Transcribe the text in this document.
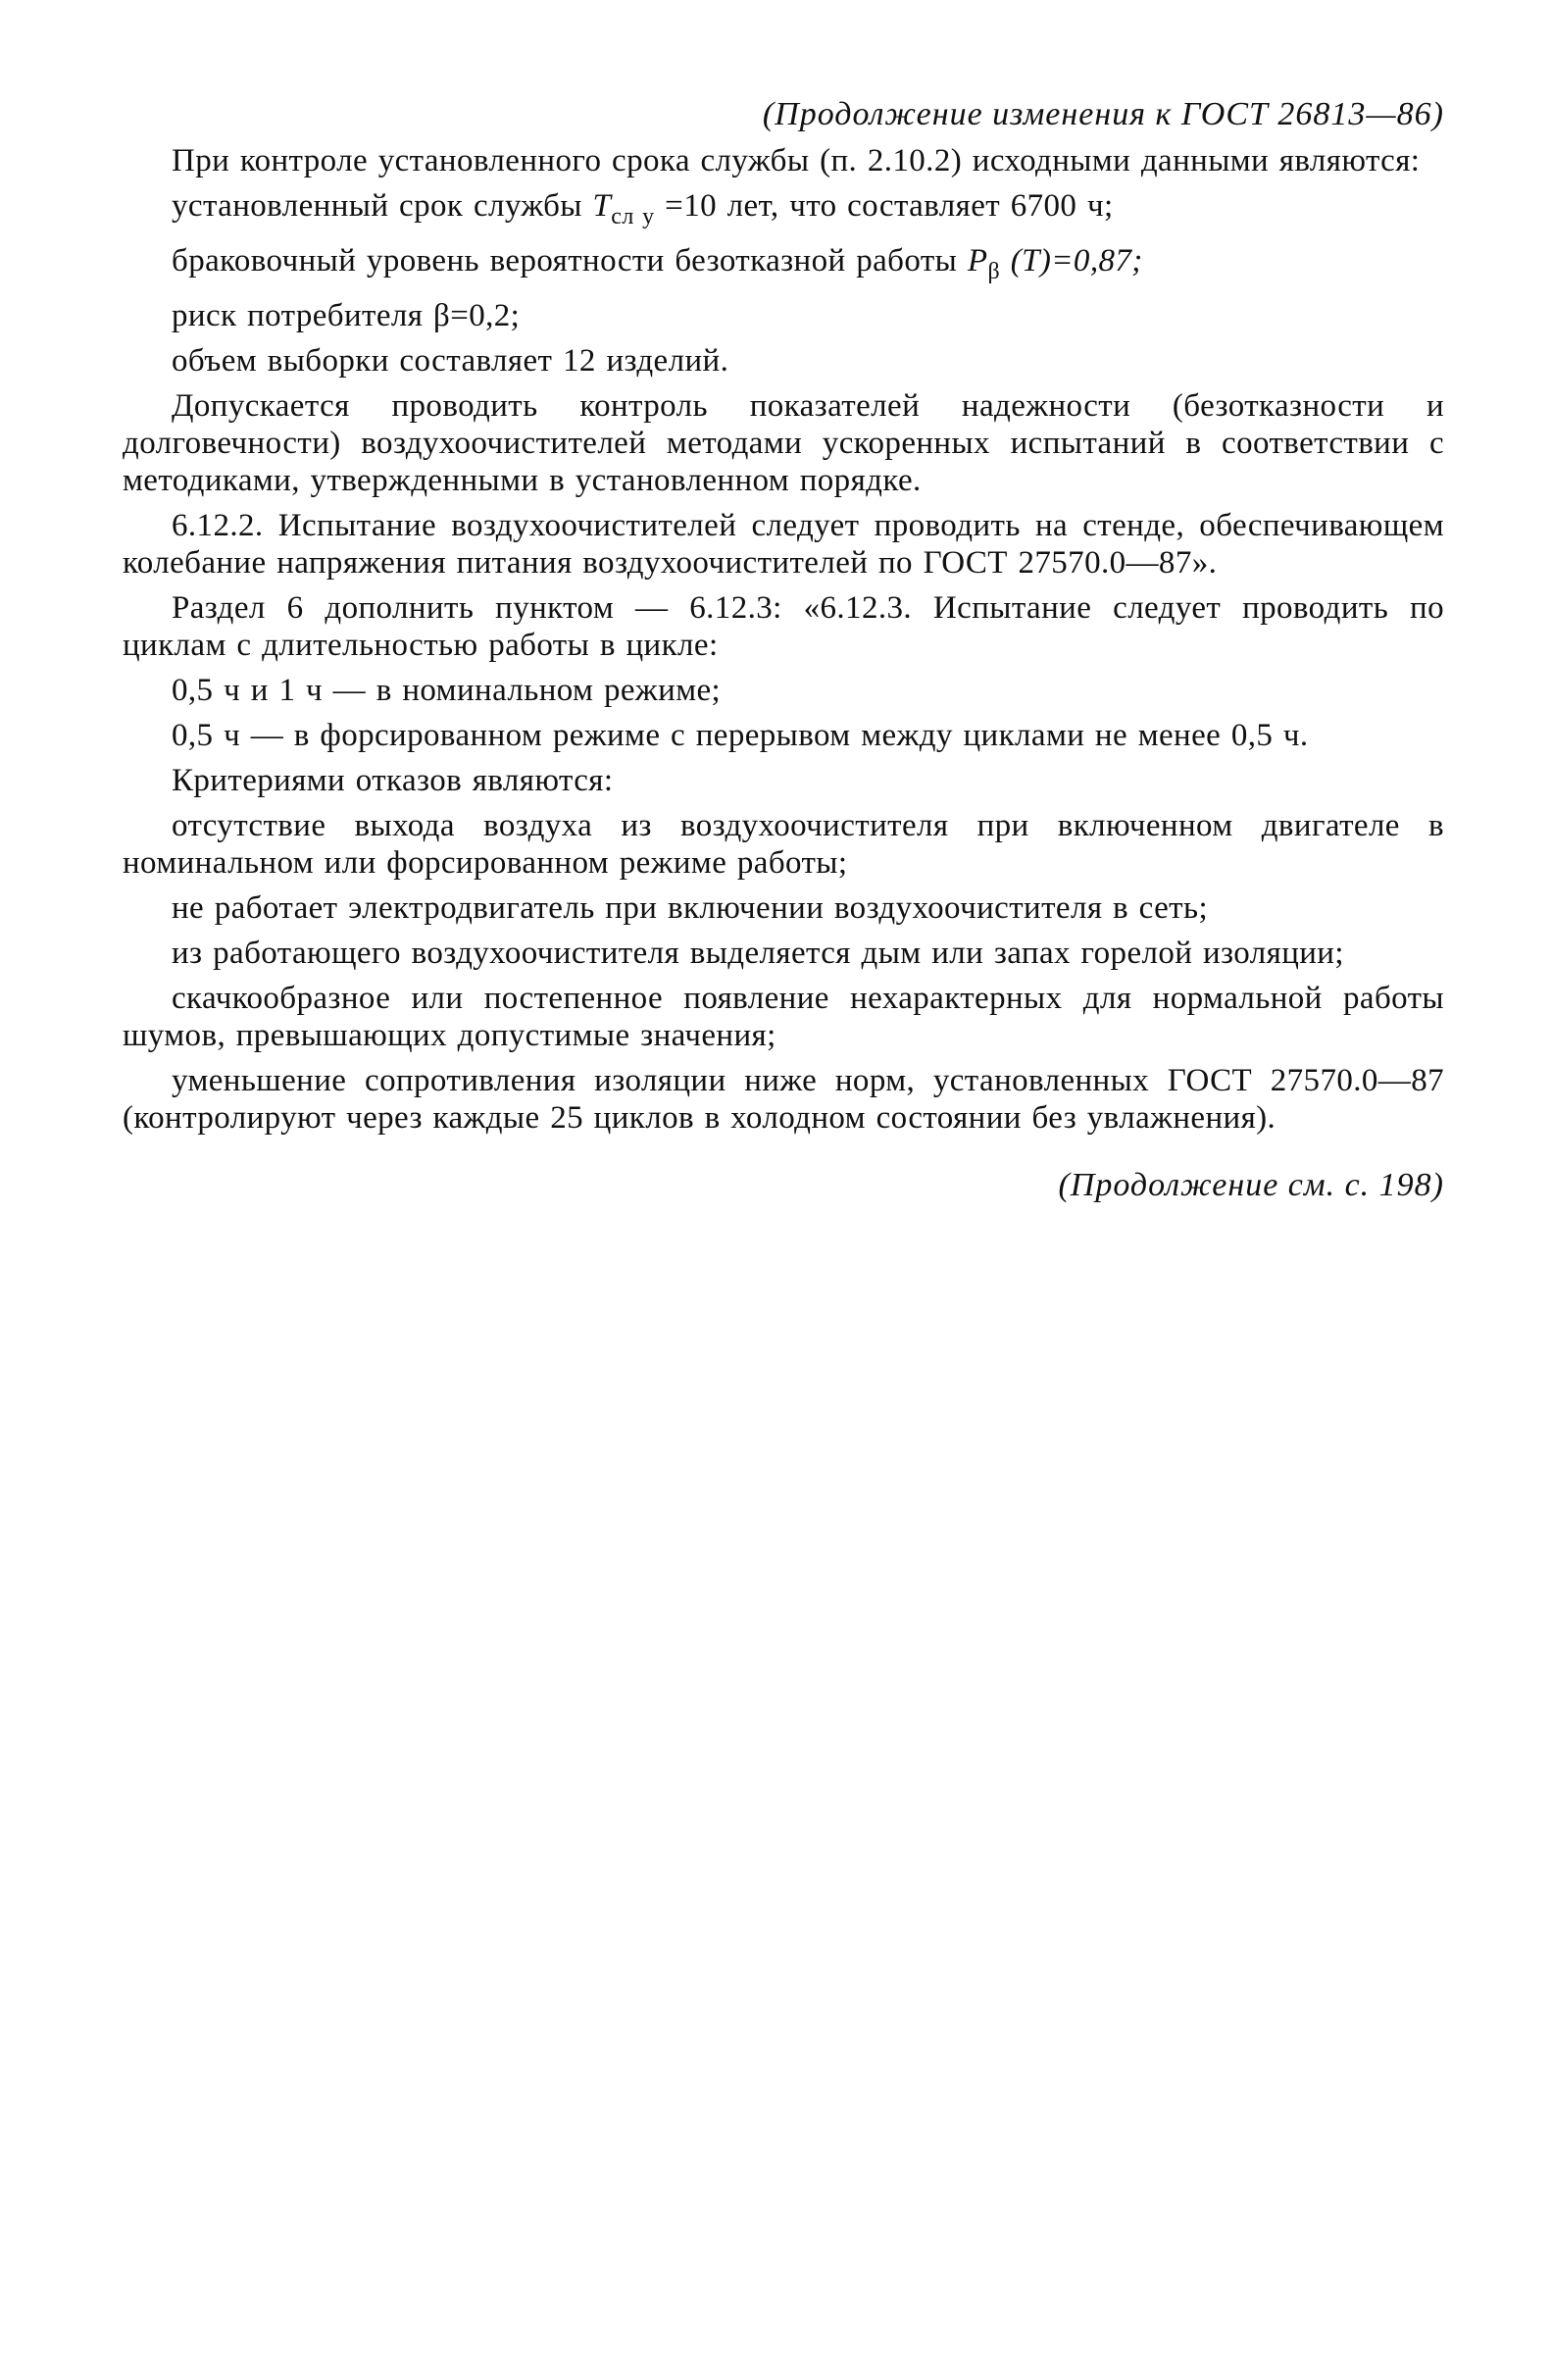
(Продолжение изменения к ГОСТ 26813—86)

При контроле установленного срока службы (п. 2.10.2) исходными данными являются:

установленный срок службы $T_{сл у} =10$ лет, что составляет 6700 ч;

браковочный уровень вероятности безотказной работы $P_\beta$ (T)=0,87;

риск потребителя β=0,2;

объем выборки составляет 12 изделий.

Допускается проводить контроль показателей надежности (безотказности и долговечности) воздухоочистителей методами ускоренных испытаний в соответствии с методиками, утвержденными в установленном порядке.

6.12.2. Испытание воздухоочистителей следует проводить на стенде, обеспечивающем колебание напряжения питания воздухоочистителей по ГОСТ 27570.0—87».

Раздел 6 дополнить пунктом — 6.12.3: «6.12.3. Испытание следует проводить по циклам с длительностью работы в цикле:

0,5 ч и 1 ч — в номинальном режиме;

0,5 ч — в форсированном режиме с перерывом между циклами не менее 0,5 ч.

Критериями отказов являются:

отсутствие выхода воздуха из воздухоочистителя при включенном двигателе в номинальном или форсированном режиме работы;

не работает электродвигатель при включении воздухоочистителя в сеть;

из работающего воздухоочистителя выделяется дым или запах горелой изоляции;

скачкообразное или постепенное появление нехарактерных для нормальной работы шумов, превышающих допустимые значения;

уменьшение сопротивления изоляции ниже норм, установленных ГОСТ 27570.0—87 (контролируют через каждые 25 циклов в холодном состоянии без увлажнения).

(Продолжение см. с. 198)
